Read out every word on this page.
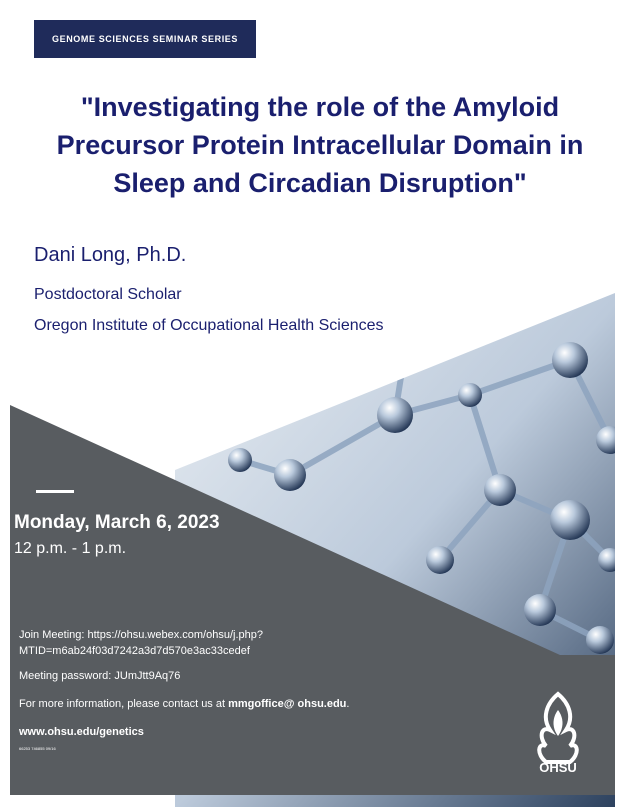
GENOME SCIENCES SEMINAR SERIES
"Investigating the role of the Amyloid Precursor Protein Intracellular Domain in Sleep and Circadian Disruption"
Dani Long, Ph.D.
Postdoctoral Scholar
Oregon Institute of Occupational Health Sciences
Monday, March 6, 2023
12 p.m. - 1 p.m.
Join Meeting: https://ohsu.webex.com/ohsu/j.php?MTID=m6ab24f03d7242a3d7d570e3ac33cedef
Meeting password: JUmJtt9Aq76
For more information, please contact us at mmgoffice@ ohsu.edu.
www.ohsu.edu/genetics
66253 746855 09/16
OHSU
